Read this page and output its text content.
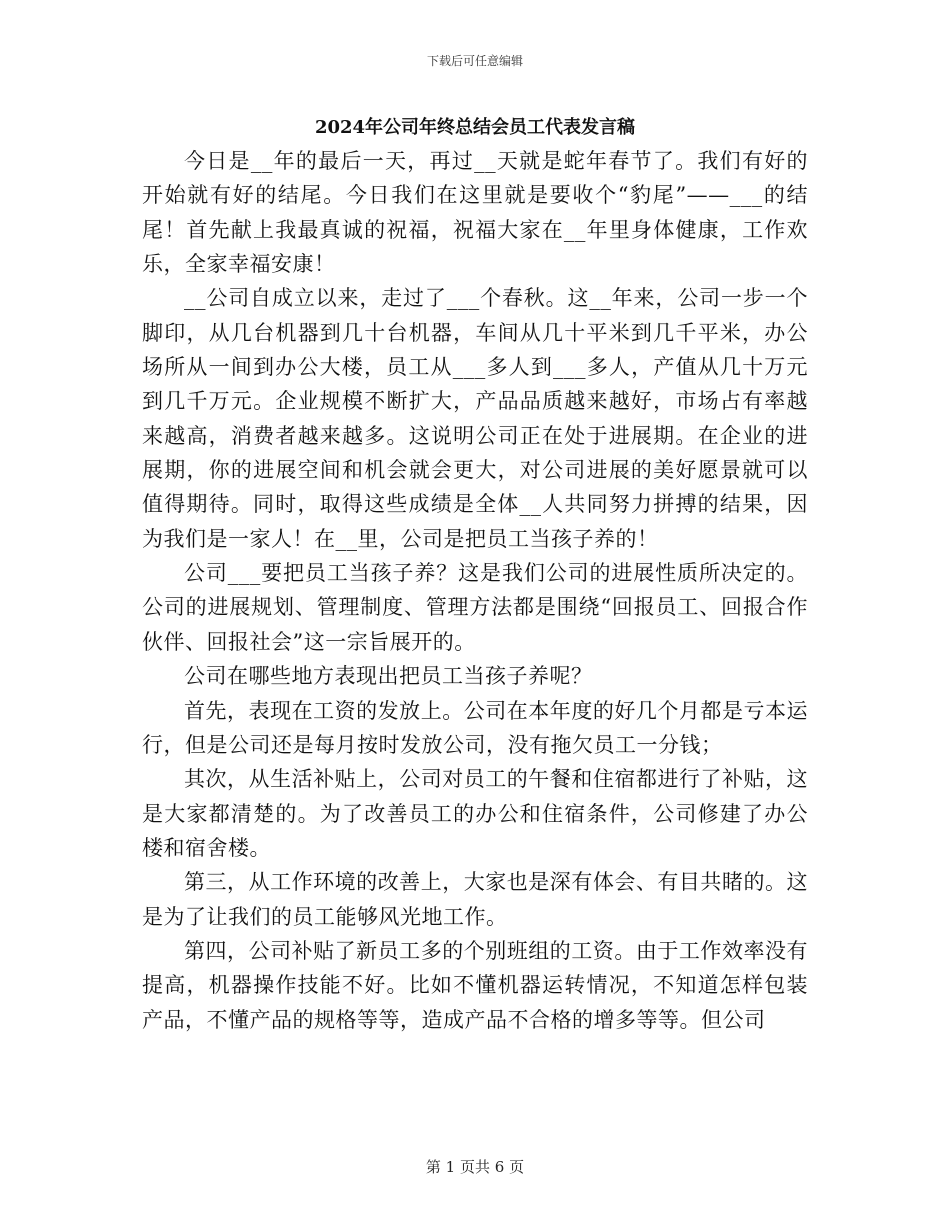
下载后可任意编辑
2024年公司年终总结会员工代表发言稿

今日是__年的最后一天，再过__天就是蛇年春节了。我们有好的开始就有好的结尾。今日我们在这里就是要收个“豹尾”——___的结尾！首先献上我最真诚的祝福，祝福大家在__年里身体健康，工作欢乐，全家幸福安康！

__公司自成立以来，走过了___个春秋。这__年来，公司一步一个脚印，从几台机器到几十台机器，车间从几十平米到几千平米，办公场所从一间到办公大楼，员工从___多人到___多人，产值从几十万元到几千万元。企业规模不断扩大，产品品质越来越好，市场占有率越来越高，消费者越来越多。这说明公司正在处于进展期。在企业的进展期，你的进展空间和机会就会更大，对公司进展的美好愿景就可以值得期待。同时，取得这些成绩是全体__人共同努力拼搏的结果，因为我们是一家人！在__里，公司是把员工当孩子养的！

公司___要把员工当孩子养？这是我们公司的进展性质所决定的。公司的进展规划、管理制度、管理方法都是围绕“回报员工、回报合作伙伴、回报社会”这一宗旨展开的。

公司在哪些地方表现出把员工当孩子养呢？

首先，表现在工资的发放上。公司在本年度的好几个月都是亏本运行，但是公司还是每月按时发放公司，没有拖欠员工一分钱；

其次，从生活补贴上，公司对员工的午餐和住宿都进行了补贴，这是大家都清楚的。为了改善员工的办公和住宿条件，公司修建了办公楼和宿舍楼。

第三，从工作环境的改善上，大家也是深有体会、有目共睹的。这是为了让我们的员工能够风光地工作。

第四，公司补贴了新员工多的个别班组的工资。由于工作效率没有提高，机器操作技能不好。比如不懂机器运转情况，不知道怎样包装产品，不懂产品的规格等等，造成产品不合格的增多等等。但公司

第 1 页共 6 页
